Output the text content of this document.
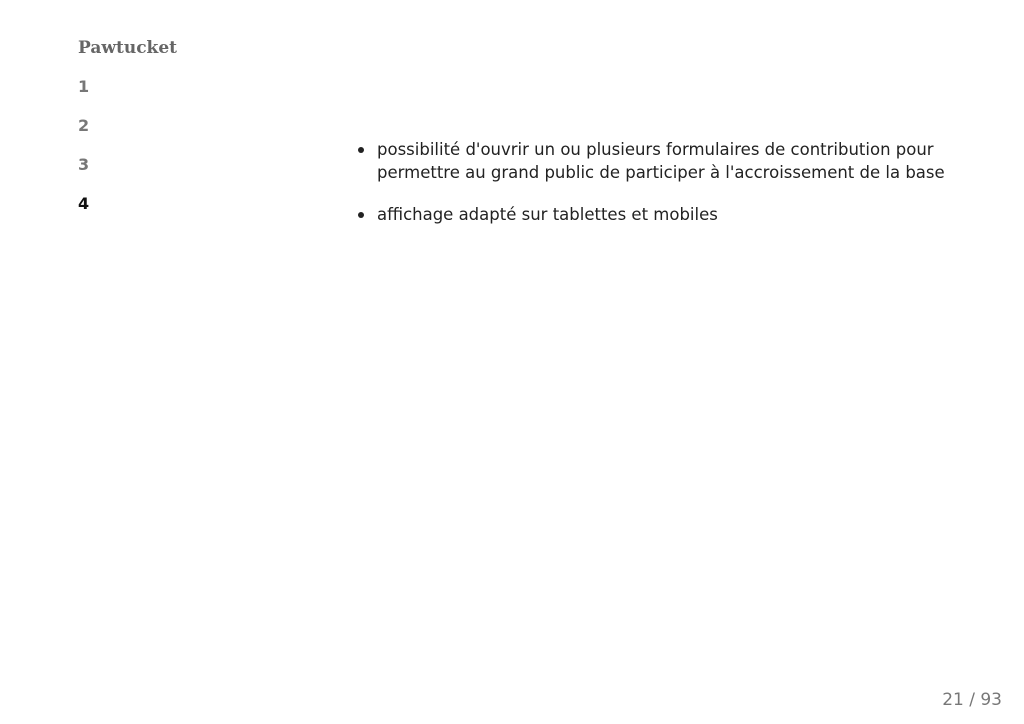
Pawtucket
1
2
3
4
possibilité d'ouvrir un ou plusieurs formulaires de contribution pour permettre au grand public de participer à l'accroissement de la base
affichage adapté sur tablettes et mobiles
21 / 93
